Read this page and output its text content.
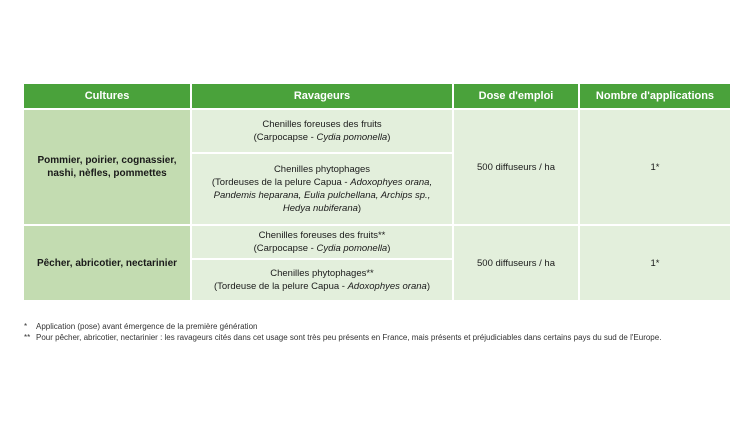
Cultures	Ravageurs	Dose d'emploi	Nombre d'applications
Pommier, poirier, cognassier, nashi, nèfles, pommettes	Chenilles foreuses des fruits
(Carpocapse - Cydia pomonella)	500 diffuseurs / ha	1*

	Chenilles phytophages
(Tordeuses de la pelure Capua - Adoxophyes orana,
Pandemis heparana, Eulia pulchellana, Archips sp.,
Hedya nubiferana)		

Pêcher, abricotier, nectarinier	Chenilles foreuses des fruits**
(Carpocapse - Cydia pomonella)	500 diffuseurs / ha	1*

	Chenilles phytophages**
(Tordeuse de la pelure Capua - Adoxophyes orana)		
*	Application (pose) avant émergence de la première génération
** Pour pêcher, abricotier, nectarinier : les ravageurs cités dans cet usage sont très peu présents en France, mais présents et préjudiciables dans certains pays du sud de l'Europe.
